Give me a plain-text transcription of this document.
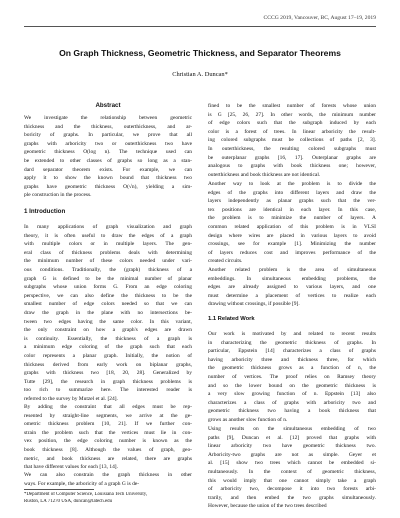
CCCG 2019, Vancouver, BC, August 17–19, 2019
On Graph Thickness, Geometric Thickness, and Separator Theorems
Christian A. Duncan*
Abstract
We investigate the relationship between geometric
thickness and the thickness, outerthickness, and ar-
boricity of graphs. In particular, we prove that all
graphs with arboricity two or outerthickness two have
geometric thickness O(log n). The technique used can
be extended to other classes of graphs so long as a stan-
dard separator theorem exists. For example, we can
apply it to show the known bound that thickness two
graphs have geometric thickness O(√n), yielding a sim-
ple construction in the process.
1 Introduction
In many applications of graph visualization and graph
theory, it is often useful to draw the edges of a graph
with multiple colors or in multiple layers. The gen-
eral class of thickness problems deals with determining
the minimum number of these colors needed under vari-
ous conditions. Traditionally, the (graph) thickness of a
graph G is defined to be the minimal number of planar
subgraphs whose union forms G. From an edge coloring
perspective, we can also define the thickness to be the
smallest number of edge colors needed so that we can
draw the graph in the plane with no intersections be-
tween two edges having the same color. In this variant,
the only constraint on how a graph's edges are drawn
is continuity. Essentially, the thickness of a graph is
a minimum edge coloring of the graph such that each
color represents a planar graph. Initially, the notion of
thickness derived from early work on biplanar graphs,
graphs with thickness two [18, 20, 28]. Generalized by
Tutte [29], the research in graph thickness problems is
too rich to summarize here. The interested reader is
referred to the survey by Mutzel et al. [24].
By adding the constraint that all edges must be rep-
resented by straight-line segments, we arrive at the ge-
ometric thickness problem [10, 21]. If we further con-
strain the problem such that the vertices must lie in con-
vex position, the edge coloring number is known as the
book thickness [8]. Although the values of graph, geo-
metric, and book thickness are related, there are graphs
that have different values for each [13, 14].
We can also constrain the graph thickness in other
ways. For example, the arboricity of a graph G is de-
*Department of Computer Science, Louisiana Tech University,
Ruston, LA 71270 USA, duncan@latech.edu
fined to be the smallest number of forests whose union
is G [25, 26, 27]. In other words, the minimum number
of edge colors such that the subgraph induced by each
color is a forest of trees. In linear arboricity the result-
ing colored subgraphs must be collections of paths [2, 3].
In outerthickness, the resulting colored subgraphs must
be outerplanar graphs [16, 17]. Outerplanar graphs are
analogous to graphs with book thickness one; however,
outerthickness and book thickness are not identical.
Another way to look at the problem is to divide the
edges of the graphs into different layers and draw the
layers independently as planar graphs such that the ver-
tex positions are identical in each layer. In this case,
the problem is to minimize the number of layers. A
common related application of this problem is in VLSI
design where wires are placed in various layers to avoid
crossings, see for example [1]. Minimizing the number
of layers reduces cost and improves performance of the
created circuits.
Another related problem is the area of simultaneous
embeddings. In simultaneous embedding problems, the
edges are already assigned to various layers, and one
must determine a placement of vertices to realize each
drawing without crossings, if possible [9].
1.1 Related Work
Our work is motivated by and related to recent results
in characterizing the geometric thickness of graphs. In
particular, Eppstein [14] characterizes a class of graphs
having arboricity three and thickness three, for which
the geometric thickness grows as a function of n, the
number of vertices. The proof relies on Ramsey theory
and so the lower bound on the geometric thickness is
a very slow growing function of n. Eppstein [13] also
characterizes a class of graphs with arboricity two and
geometric thickness two having a book thickness that
grows as another slow function of n.
Using results on the simultaneous embedding of two
paths [9], Duncan et al. [12] proved that graphs with
linear arboricity two have geometric thickness two.
Arboricity-two graphs are not as simple. Geyer et
al. [15] show two trees which cannot be embedded si-
multaneously. In the context of geometric thickness,
this would imply that one cannot simply take a graph
of arboricity two, decompose it into two forests arbi-
trarily, and then embed the two graphs simultaneously.
However, because the union of the two trees described
